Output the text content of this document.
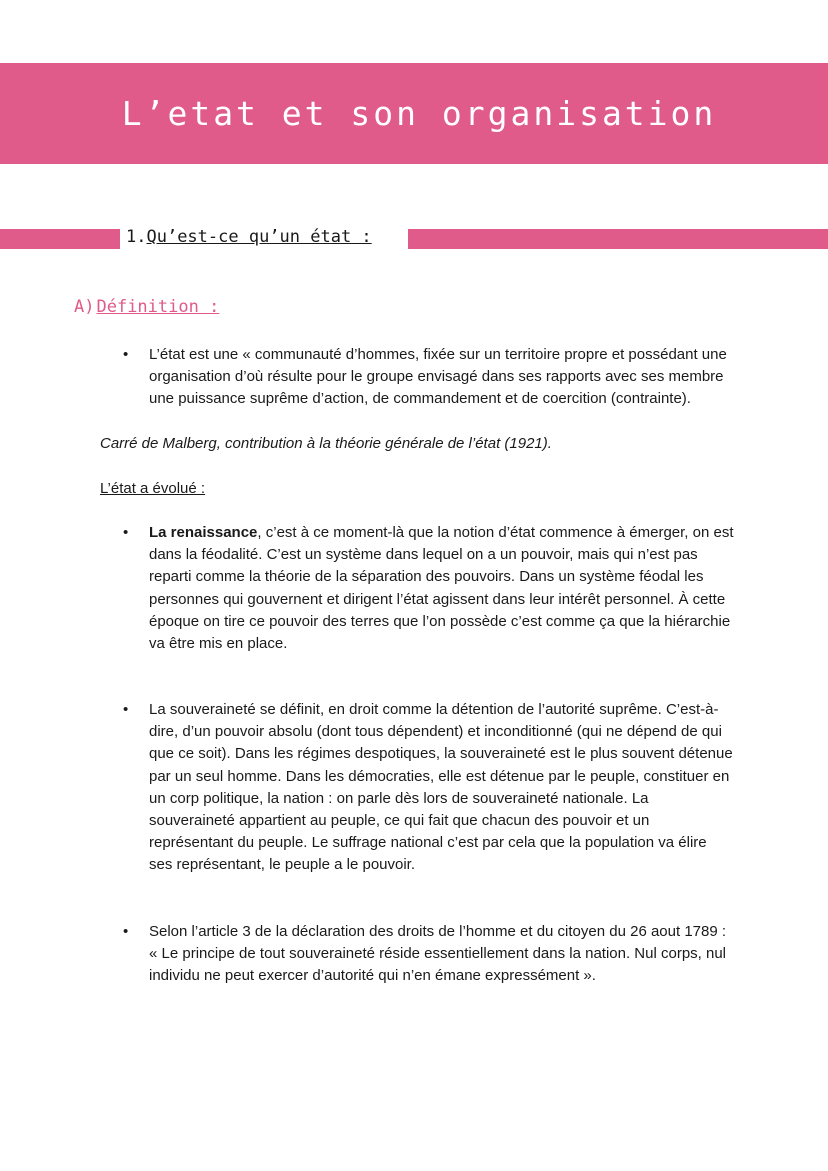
L’etat et son organisation
1.Qu’est-ce qu’un état :
A) Définition :
• L’état est une « communauté d’hommes, fixée sur un territoire propre et possédant une organisation d’où résulte pour le groupe envisagé dans ses rapports avec ses membre une puissance suprême d’action, de commandement et de coercition (contrainte).
Carré de Malberg, contribution à la théorie générale de l’état (1921).
L’état a évolué :
• La renaissance, c’est à ce moment-là que la notion d’état commence à émerger, on est dans la féodalité. C’est un système dans lequel on a un pouvoir, mais qui n’est pas reparti comme la théorie de la séparation des pouvoirs. Dans un système féodal les personnes qui gouvernent et dirigent l’état agissent dans leur intérêt personnel. À cette époque on tire ce pouvoir des terres que l’on possède c’est comme ça que la hiérarchie va être mis en place.
• La souveraineté se définit, en droit comme la détention de l’autorité suprême. C’est-à-dire, d’un pouvoir absolu (dont tous dépendent) et inconditionné (qui ne dépend de qui que ce soit). Dans les régimes despotiques, la souveraineté est le plus souvent détenue par un seul homme. Dans les démocraties, elle est détenue par le peuple, constituer en un corp politique, la nation : on parle dès lors de souveraineté nationale. La souveraineté appartient au peuple, ce qui fait que chacun des pouvoir et un représentant du peuple. Le suffrage national c’est par cela que la population va élire ses représentant, le peuple a le pouvoir.
• Selon l’article 3 de la déclaration des droits de l’homme et du citoyen du 26 aout 1789 : « Le principe de tout souveraineté réside essentiellement dans la nation. Nul corps, nul individu ne peut exercer d’autorité qui n’en émane expressément ».
